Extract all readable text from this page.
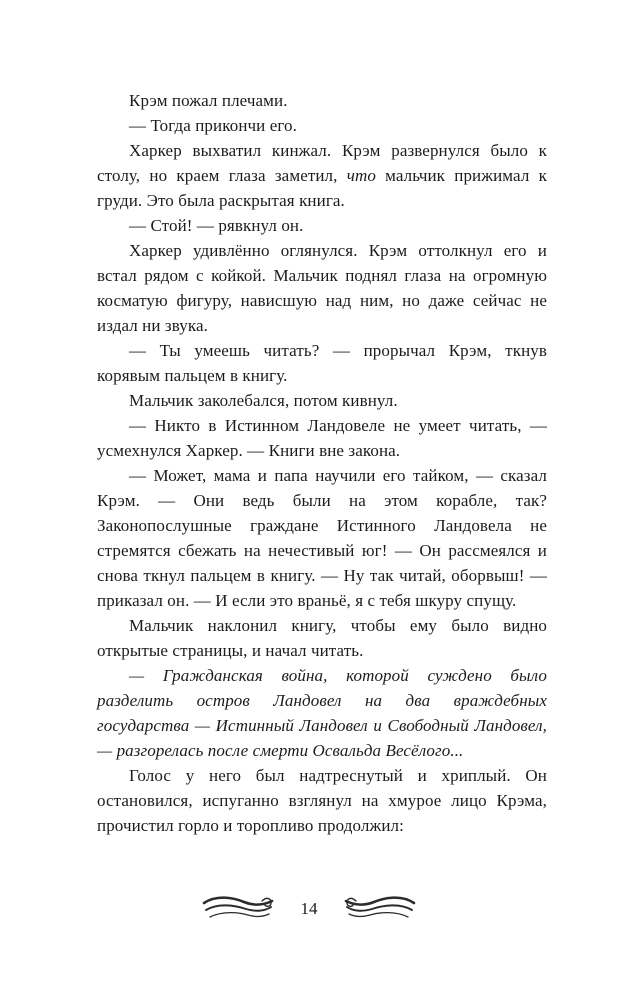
Крэм пожал плечами.

— Тогда прикончи его.

Харкер выхватил кинжал. Крэм развернулся было к столу, но краем глаза заметил, что мальчик прижимал к груди. Это была раскрытая книга.

— Стой! — рявкнул он.

Харкер удивлённо оглянулся. Крэм оттолкнул его и встал рядом с койкой. Мальчик поднял глаза на огромную косматую фигуру, нависшую над ним, но даже сейчас не издал ни звука.

— Ты умеешь читать? — прорычал Крэм, ткнув корявым пальцем в книгу.

Мальчик заколебался, потом кивнул.

— Никто в Истинном Ландовеле не умеет читать, — усмехнулся Харкер. — Книги вне закона.

— Может, мама и папа научили его тайком, — сказал Крэм. — Они ведь были на этом корабле, так? Законопослушные граждане Истинного Ландовела не стремятся сбежать на нечестивый юг! — Он рассмеялся и снова ткнул пальцем в книгу. — Ну так читай, оборвыш! — приказал он. — И если это враньё, я с тебя шкуру спущу.

Мальчик наклонил книгу, чтобы ему было видно открытые страницы, и начал читать.

— Гражданская война, которой суждено было разделить остров Ландовел на два враждебных государства — Истинный Ландовел и Свободный Ландовел, — разгорелась после смерти Освальда Весёлого...

Голос у него был надтреснутый и хриплый. Он остановился, испуганно взглянул на хмурое лицо Крэма, прочистил горло и торопливо продолжил:

14
